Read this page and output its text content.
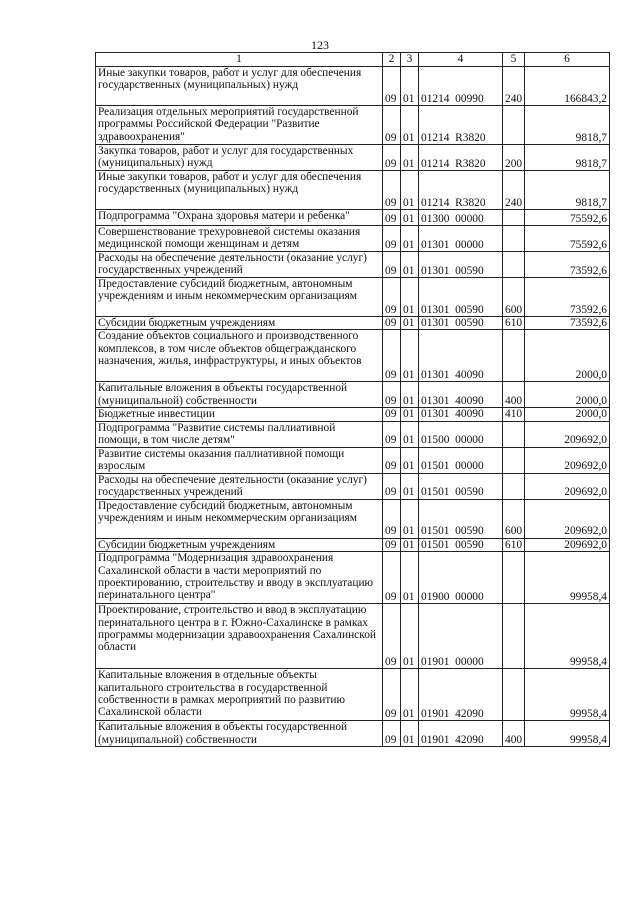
123
1	2	3	4	5	6
Иные закупки товаров, работ и услуг для обеспечения государственных (муниципальных) нужд	09	01	01214  00990	240	166843,2
Реализация отдельных мероприятий государственной программы Российской Федерации "Развитие здравоохранения"	09	01	01214  R3820		9818,7
Закупка товаров, работ и услуг для государственных (муниципальных) нужд	09	01	01214  R3820	200	9818,7
Иные закупки товаров, работ и услуг для обеспечения государственных (муниципальных) нужд	09	01	01214  R3820	240	9818,7
Подпрограмма "Охрана здоровья матери и ребенка"	09	01	01300  00000		75592,6
Совершенствование трехуровневой системы оказания медицинской помощи женщинам и детям	09	01	01301  00000		75592,6
Расходы на обеспечение деятельности (оказание услуг) государственных учреждений	09	01	01301  00590		73592,6
Предоставление субсидий бюджетным, автономным учреждениям и иным некоммерческим организациям	09	01	01301  00590	600	73592,6
Субсидии бюджетным учреждениям	09	01	01301  00590	610	73592,6
Создание объектов социального и производственного комплексов, в том числе объектов общегражданского назначения, жилья, инфраструктуры, и иных объектов	09	01	01301  40090		2000,0
Капитальные вложения в объекты государственной (муниципальной) собственности	09	01	01301  40090	400	2000,0
Бюджетные инвестиции	09	01	01301  40090	410	2000,0
Подпрограмма "Развитие системы паллиативной помощи, в том числе детям"	09	01	01500  00000		209692,0
Развитие системы оказания паллиативной помощи взрослым	09	01	01501  00000		209692,0
Расходы на обеспечение деятельности (оказание услуг) государственных учреждений	09	01	01501  00590		209692,0
Предоставление субсидий бюджетным, автономным учреждениям и иным некоммерческим организациям	09	01	01501  00590	600	209692,0
Субсидии бюджетным учреждениям	09	01	01501  00590	610	209692,0
Подпрограмма "Модернизация здравоохранения Сахалинской области в части мероприятий по проектированию, строительству и вводу в эксплуатацию перинатального центра"	09	01	01900  00000		99958,4
Проектирование, строительство и ввод в эксплуатацию перинатального центра в г. Южно-Сахалинске в рамках программы модернизации здравоохранения Сахалинской области	09	01	01901  00000		99958,4
Капитальные вложения в отдельные объекты капитального строительства в государственной собственности в рамках мероприятий по развитию Сахалинской области	09	01	01901  42090		99958,4
Капитальные вложения в объекты государственной (муниципальной) собственности	09	01	01901  42090	400	99958,4
